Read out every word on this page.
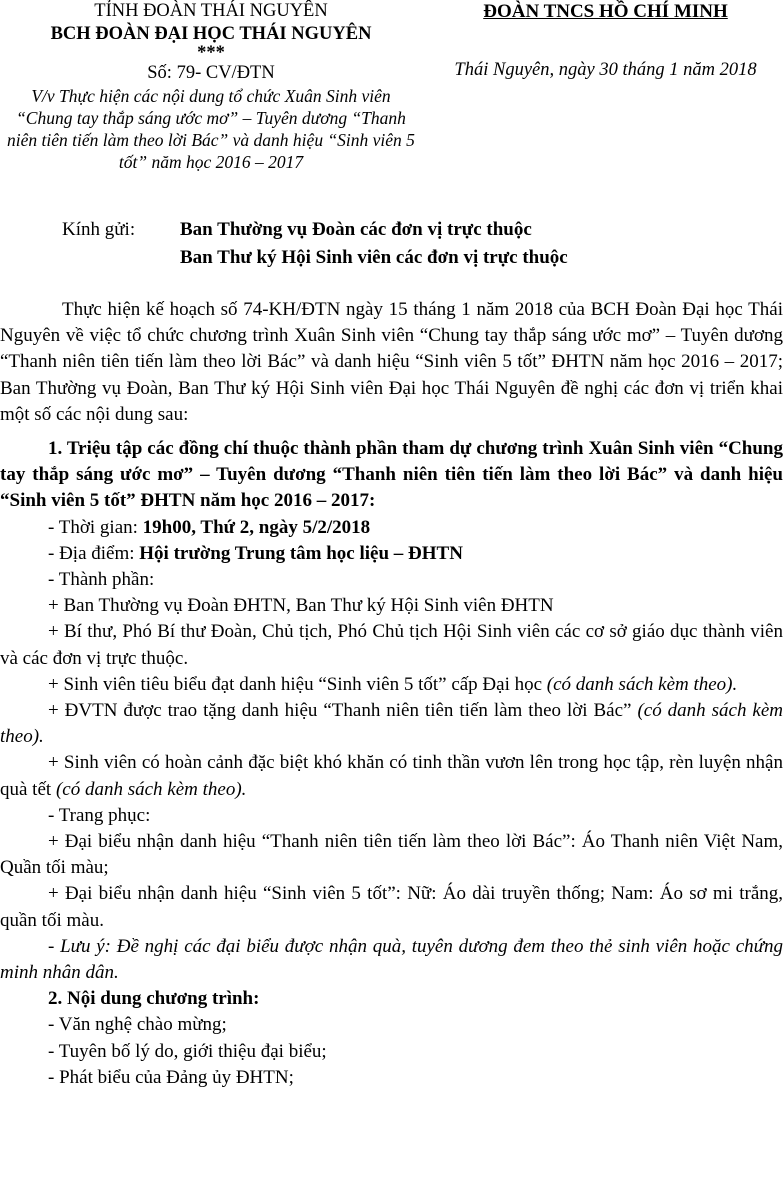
TỈNH ĐOÀN THÁI NGUYÊN
BCH ĐOÀN ĐẠI HỌC THÁI NGUYÊN
***
Số: 79- CV/ĐTN
V/v Thực hiện các nội dung tổ chức Xuân Sinh viên “Chung tay thắp sáng ước mơ” – Tuyên dương “Thanh niên tiên tiến làm theo lời Bác” và danh hiệu “Sinh viên 5 tốt” năm học 2016 – 2017
ĐOÀN TNCS HỒ CHÍ MINH
Thái Nguyên, ngày 30 tháng 1 năm 2018
Kính gửi: Ban Thường vụ Đoàn các đơn vị trực thuộc
Ban Thư ký Hội Sinh viên các đơn vị trực thuộc

Thực hiện kế hoạch số 74-KH/ĐTN ngày 15 tháng 1 năm 2018 của BCH Đoàn Đại học Thái Nguyên về việc tổ chức chương trình Xuân Sinh viên “Chung tay thắp sáng ước mơ” – Tuyên dương “Thanh niên tiên tiến làm theo lời Bác” và danh hiệu “Sinh viên 5 tốt” ĐHTN năm học 2016 – 2017; Ban Thường vụ Đoàn, Ban Thư ký Hội Sinh viên Đại học Thái Nguyên đề nghị các đơn vị triển khai một số các nội dung sau:

1. Triệu tập các đồng chí thuộc thành phần tham dự chương trình Xuân Sinh viên “Chung tay thắp sáng ước mơ” – Tuyên dương “Thanh niên tiên tiến làm theo lời Bác” và danh hiệu “Sinh viên 5 tốt” ĐHTN năm học 2016 – 2017:

- Thời gian: 19h00, Thứ 2, ngày 5/2/2018

- Địa điểm: Hội trường Trung tâm học liệu – ĐHTN

- Thành phần:

+ Ban Thường vụ Đoàn ĐHTN, Ban Thư ký Hội Sinh viên ĐHTN

+ Bí thư, Phó Bí thư Đoàn, Chủ tịch, Phó Chủ tịch Hội Sinh viên các cơ sở giáo dục thành viên và các đơn vị trực thuộc.

+ Sinh viên tiêu biểu đạt danh hiệu “Sinh viên 5 tốt” cấp Đại học (có danh sách kèm theo).

+ ĐVTN được trao tặng danh hiệu “Thanh niên tiên tiến làm theo lời Bác” (có danh sách kèm theo).

+ Sinh viên có hoàn cảnh đặc biệt khó khăn có tinh thần vươn lên trong học tập, rèn luyện nhận quà tết (có danh sách kèm theo).

- Trang phục:

+ Đại biểu nhận danh hiệu “Thanh niên tiên tiến làm theo lời Bác”: Áo Thanh niên Việt Nam, Quần tối màu;

+ Đại biểu nhận danh hiệu “Sinh viên 5 tốt”: Nữ: Áo dài truyền thống; Nam: Áo sơ mi trắng, quần tối màu.

- Lưu ý: Đề nghị các đại biểu được nhận quà, tuyên dương đem theo thẻ sinh viên hoặc chứng minh nhân dân.

2. Nội dung chương trình:

- Văn nghệ chào mừng;

- Tuyên bố lý do, giới thiệu đại biểu;

- Phát biểu của Đảng ủy ĐHTN;
